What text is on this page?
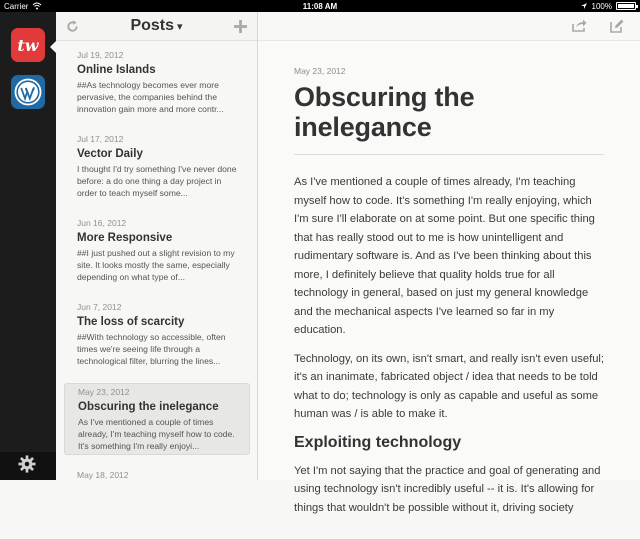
Carrier	11:08 AM	100%
tw
Posts ▾
Jul 19, 2012
Online Islands
##As technology becomes ever more pervasive, the companies behind the innovation gain more and more contr...
Jul 17, 2012
Vector Daily
I thought I'd try something I've never done before: a do one thing a day project in order to teach myself some...
Jun 16, 2012
More Responsive
##I just pushed out a slight revision to my site. It looks mostly the same, especially depending on what type of...
Jun 7, 2012
The loss of scarcity
##With technology so accessible, often times we're seeing life through a technological filter, blurring the lines...
May 23, 2012
Obscuring the inelegance
As I've mentioned a couple of times already, I'm teaching myself how to code. It's something I'm really enjoyi...
May 18, 2012
May 23, 2012
Obscuring the inelegance

As I've mentioned a couple of times already, I'm teaching myself how to code. It's something I'm really enjoying, which I'm sure I'll elaborate on at some point. But one specific thing that has really stood out to me is how unintelligent and rudimentary software is. And as I've been thinking about this more, I definitely believe that quality holds true for all technology in general, based on just my general knowledge and the mechanical aspects I've learned so far in my education.

Technology, on its own, isn't smart, and really isn't even useful; it's an inanimate, fabricated object / idea that needs to be told what to do; technology is only as capable and useful as some human was / is able to make it.

Exploiting technology

Yet I'm not saying that the practice and goal of generating and using technology isn't incredibly useful -- it is. It's allowing for things that wouldn't be possible without it, driving society
